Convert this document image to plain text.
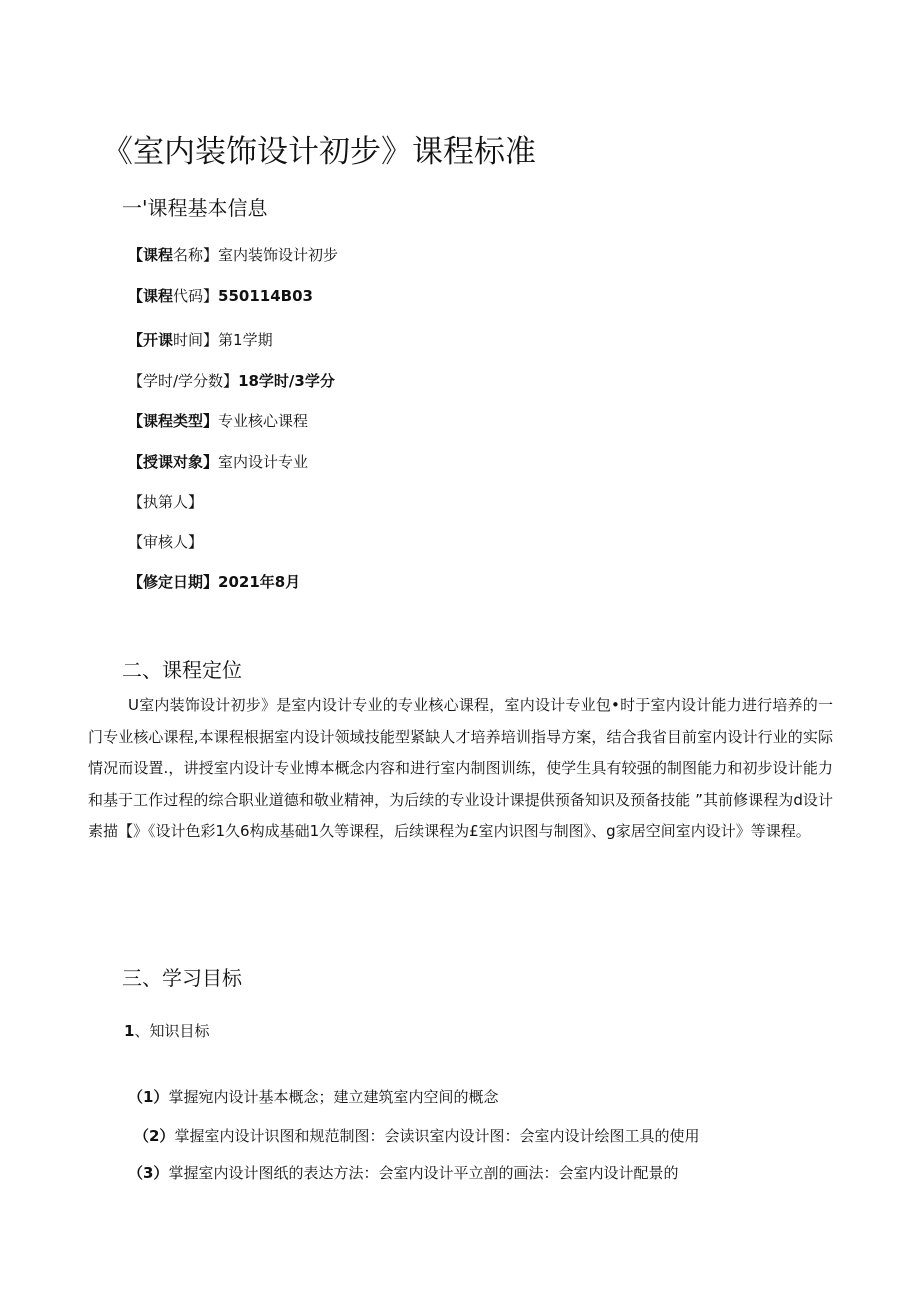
《室内装饰设计初步》课程标准
一'课程基本信息
【课程名称】室内装饰设计初步
【课程代码】550114B03
【开课时间】第1学期
【学时/学分数】18学时/3学分
【课程类型】专业核心课程
【授课对象】室内设计专业
【执第人】
【审核人】
【修定日期】2021年8月
二、课程定位
U室内装饰设计初步》是室内设计专业的专业核心课程，室内设计专业包•时于室内设计能力进行培养的一门专业核心课程,本课程根据室内设计领域技能型紧缺人才培养培训指导方案，结合我省目前室内设计行业的实际情况而设置.，讲授室内设计专业博本概念内容和进行室内制图训练，使学生具有较强的制图能力和初步设计能力和基于工作过程的综合职业道德和敬业精神，为后续的专业设计课提供预备知识及预备技能 ”其前修课程为d设计素描【》《设计色彩1久6构成基础1久等课程，后续课程为£室内识图与制图》、g家居空间室内设计》等课程。
三、学习目标
1、知识目标
（1）掌握宛内设计基本概念；建立建筑室内空间的概念
（2）掌握室内设计识图和规范制图：会读识室内设计图：会室内设计绘图工具的使用
（3）掌握室内设计图纸的表达方法：会室内设计平立剖的画法：会室内设计配景的
